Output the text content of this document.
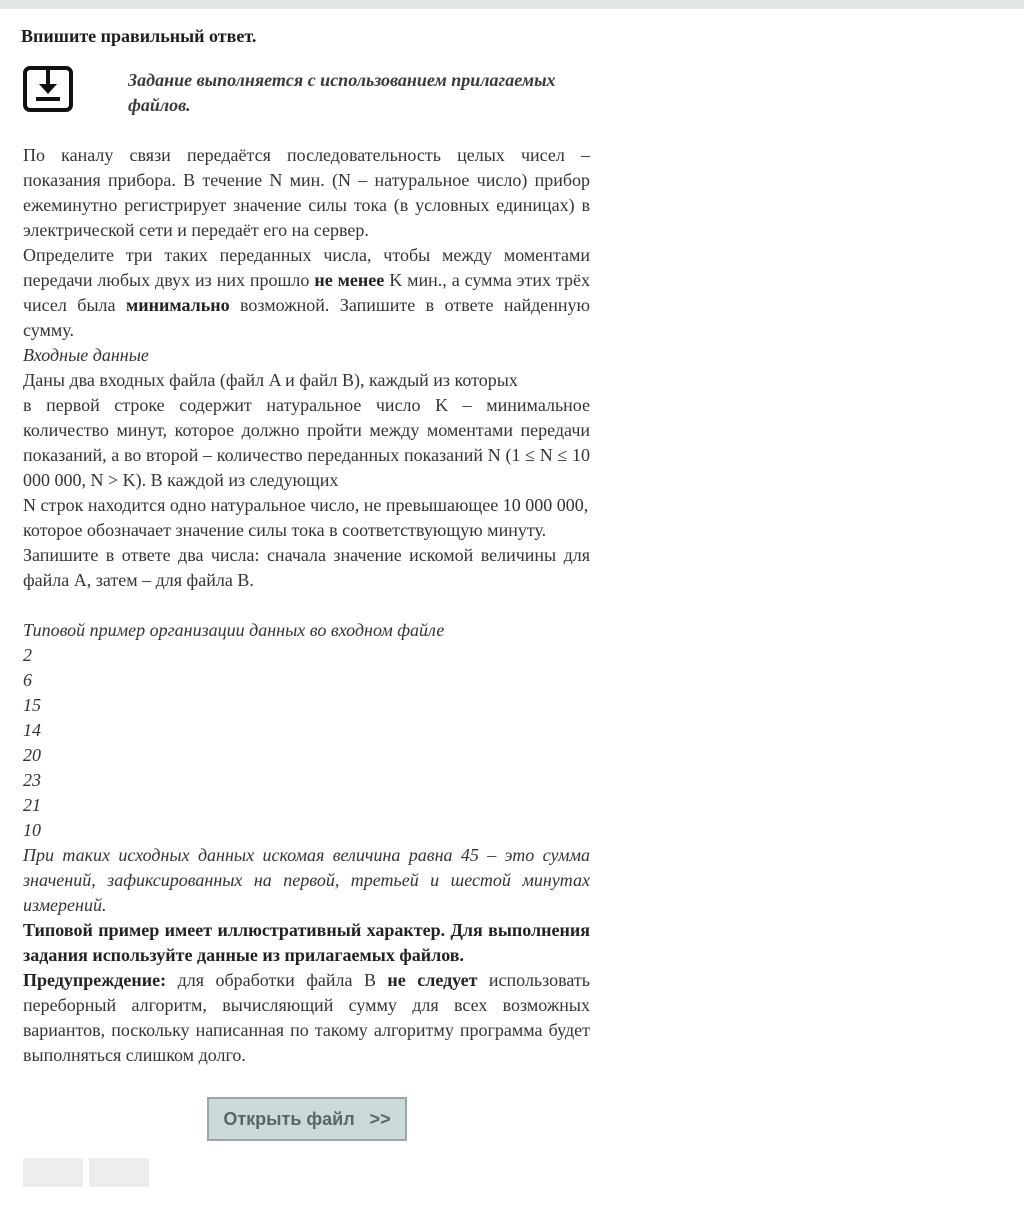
Впишите правильный ответ.
Задание выполняется с использованием прилагаемых файлов.

По каналу связи передаётся последовательность целых чисел – показания прибора. В течение N мин. (N – натуральное число) прибор ежеминутно регистрирует значение силы тока (в условных единицах) в электрической сети и передаёт его на сервер.

Определите три таких переданных числа, чтобы между моментами передачи любых двух из них прошло не менее K мин., а сумма этих трёх чисел была минимально возможной. Запишите в ответе найденную сумму.

Входные данные

Даны два входных файла (файл A и файл B), каждый из которых

в первой строке содержит натуральное число K – минимальное количество минут, которое должно пройти между моментами передачи показаний, а во второй – количество переданных показаний N (1 ≤ N ≤ 10 000 000, N > K). В каждой из следующих

N строк находится одно натуральное число, не превышающее 10 000 000, которое обозначает значение силы тока в соответствующую минуту.

Запишите в ответе два числа: сначала значение искомой величины для файла A, затем – для файла B.

Типовой пример организации данных во входном файле

2

6

15

14

20

23

21

10

При таких исходных данных искомая величина равна 45 – это сумма значений, зафиксированных на первой, третьей и шестой минутах измерений.

Типовой пример имеет иллюстративный характер. Для выполнения задания используйте данные из прилагаемых файлов.

Предупреждение: для обработки файла B не следует использовать переборный алгоритм, вычисляющий сумму для всех возможных вариантов, поскольку написанная по такому алгоритму программа будет выполняться слишком долго.

Открыть файл   >>
